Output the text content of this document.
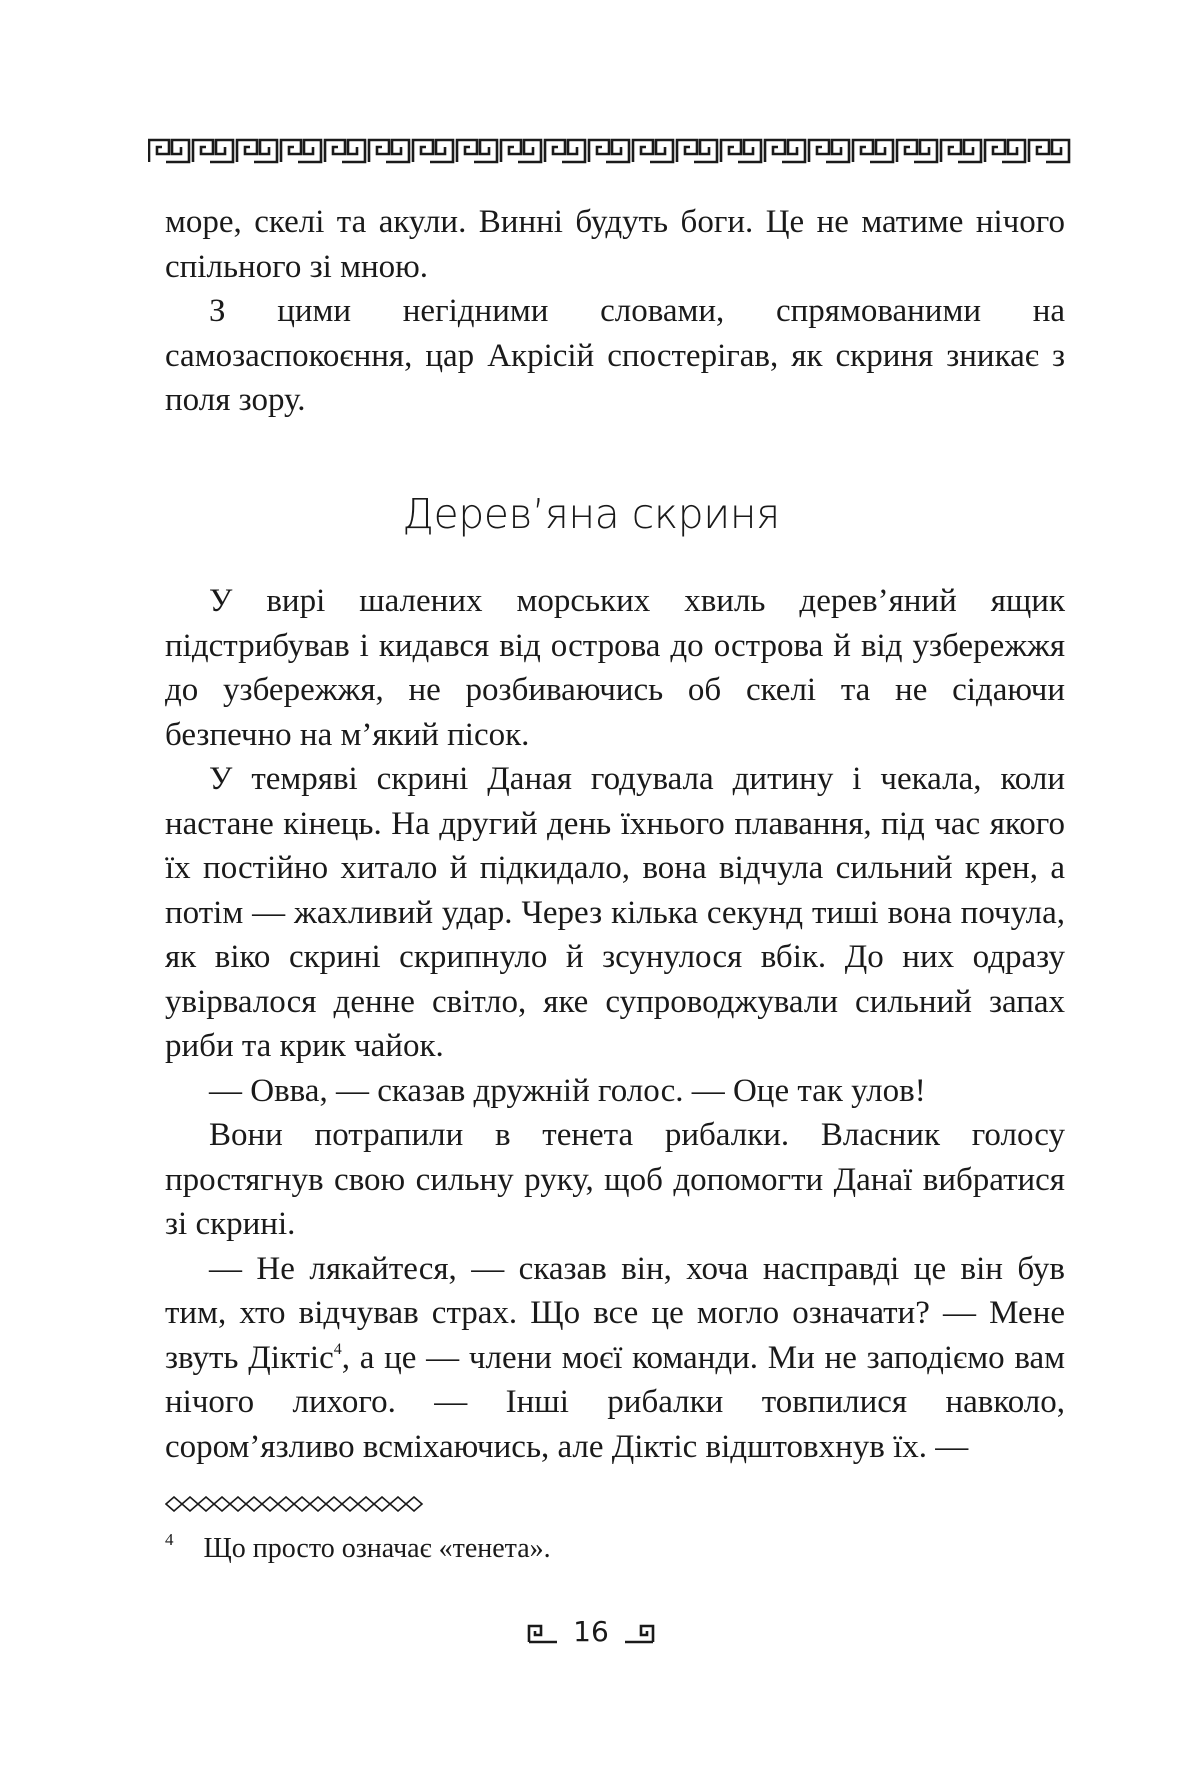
море, скелі та акули. Винні будуть боги. Це не матиме нічого спільного зі мною.

З цими негідними словами, спрямованими на самозаспокоєння, цар Акрісій спостерігав, як скриня зникає з поля зору.

Дерев’яна скриня

У вирі шалених морських хвиль дерев’яний ящик підстрибував і кидався від острова до острова й від узбережжя до узбережжя, не розбиваючись об скелі та не сідаючи безпечно на м’який пісок.

У темряві скрині Даная годувала дитину і чекала, коли настане кінець. На другий день їхнього плавання, під час якого їх постійно хитало й підкидало, вона відчула сильний крен, а потім — жахливий удар. Через кілька секунд тиші вона почула, як віко скрині скрипнуло й зсунулося вбік. До них одразу увірвалося денне світло, яке супроводжували сильний запах риби та крик чайок.

— Овва, — сказав дружній голос. — Оце так улов!

Вони потрапили в тенета рибалки. Власник голосу простягнув свою сильну руку, щоб допомогти Данаї вибратися зі скрині.

— Не лякайтеся, — сказав він, хоча насправді це він був тим, хто відчував страх. Що все це могло означати? — Мене звуть Діктіс$^4$, а це — члени моєї команди. Ми не заподіємо вам нічого лихого. — Інші рибалки товпилися навколо, сором’язливо всміхаючись, але Діктіс відштовхнув їх. —

$^4$ Що просто означає «тенета».

16
